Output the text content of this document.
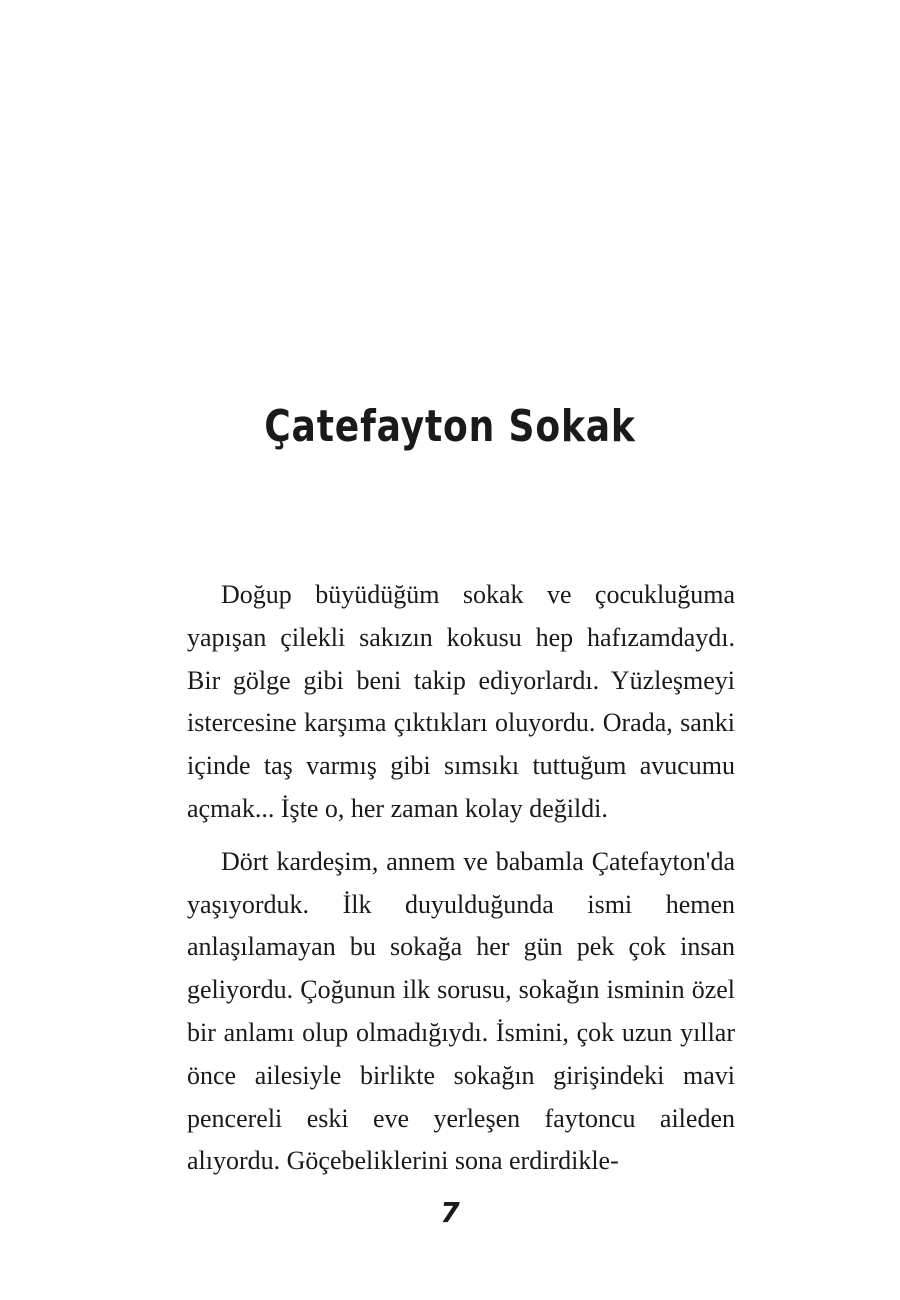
Çatefayton Sokak

Doğup büyüdüğüm sokak ve çocukluğuma yapışan çilekli sakızın kokusu hep hafızamdaydı. Bir gölge gibi beni takip ediyorlardı. Yüzleşmeyi istercesine karşıma çıktıkları oluyordu. Orada, sanki içinde taş varmış gibi sımsıkı tuttuğum avucumu açmak... İşte o, her zaman kolay değildi.

Dört kardeşim, annem ve babamla Çatefayton'da yaşıyorduk. İlk duyulduğunda ismi hemen anlaşılamayan bu sokağa her gün pek çok insan geliyordu. Çoğunun ilk sorusu, sokağın isminin özel bir anlamı olup olmadığıydı. İsmini, çok uzun yıllar önce ailesiyle birlikte sokağın girişindeki mavi pencereli eski eve yerleşen faytoncu aileden alıyordu. Göçebeliklerini sona erdirdikle-

7
